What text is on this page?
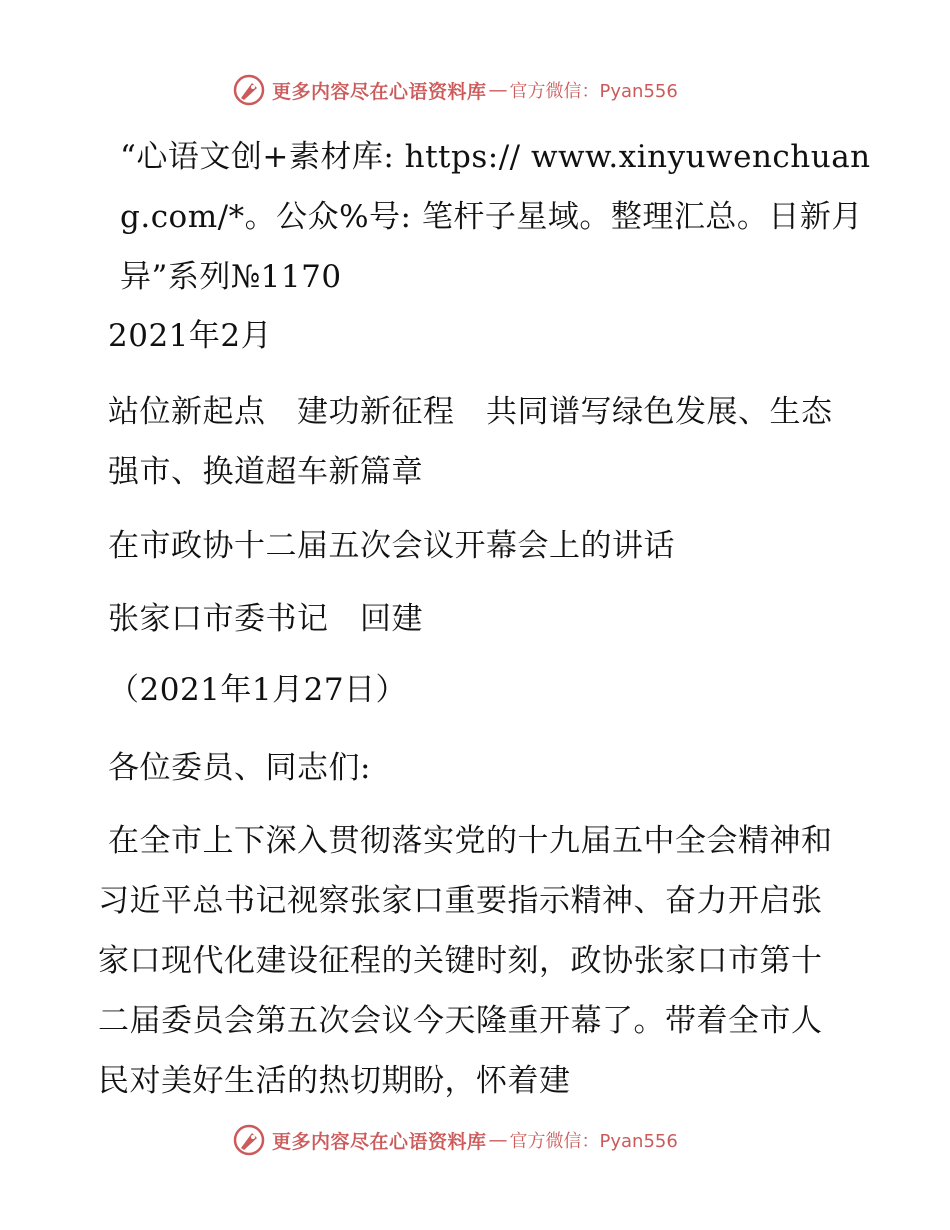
更多内容尽在心语资料库 — 官方微信：Pyan556

“心语文创+素材库: https:// www.xinyuwenchuang.com/*。公众%号: 笔杆子星域。整理汇总。日新月异”系列№1170

2021年2月

站位新起点　建功新征程　共同谱写绿色发展、生态强市、换道超车新篇章

在市政协十二届五次会议开幕会上的讲话

张家口市委书记　回建

（2021年1月27日）

各位委员、同志们:

在全市上下深入贯彻落实党的十九届五中全会精神和习近平总书记视察张家口重要指示精神、奋力开启张家口现代化建设征程的关键时刻，政协张家口市第十二届委员会第五次会议今天隆重开幕了。带着全市人民对美好生活的热切期盼，怀着建

更多内容尽在心语资料库 — 官方微信：Pyan556
